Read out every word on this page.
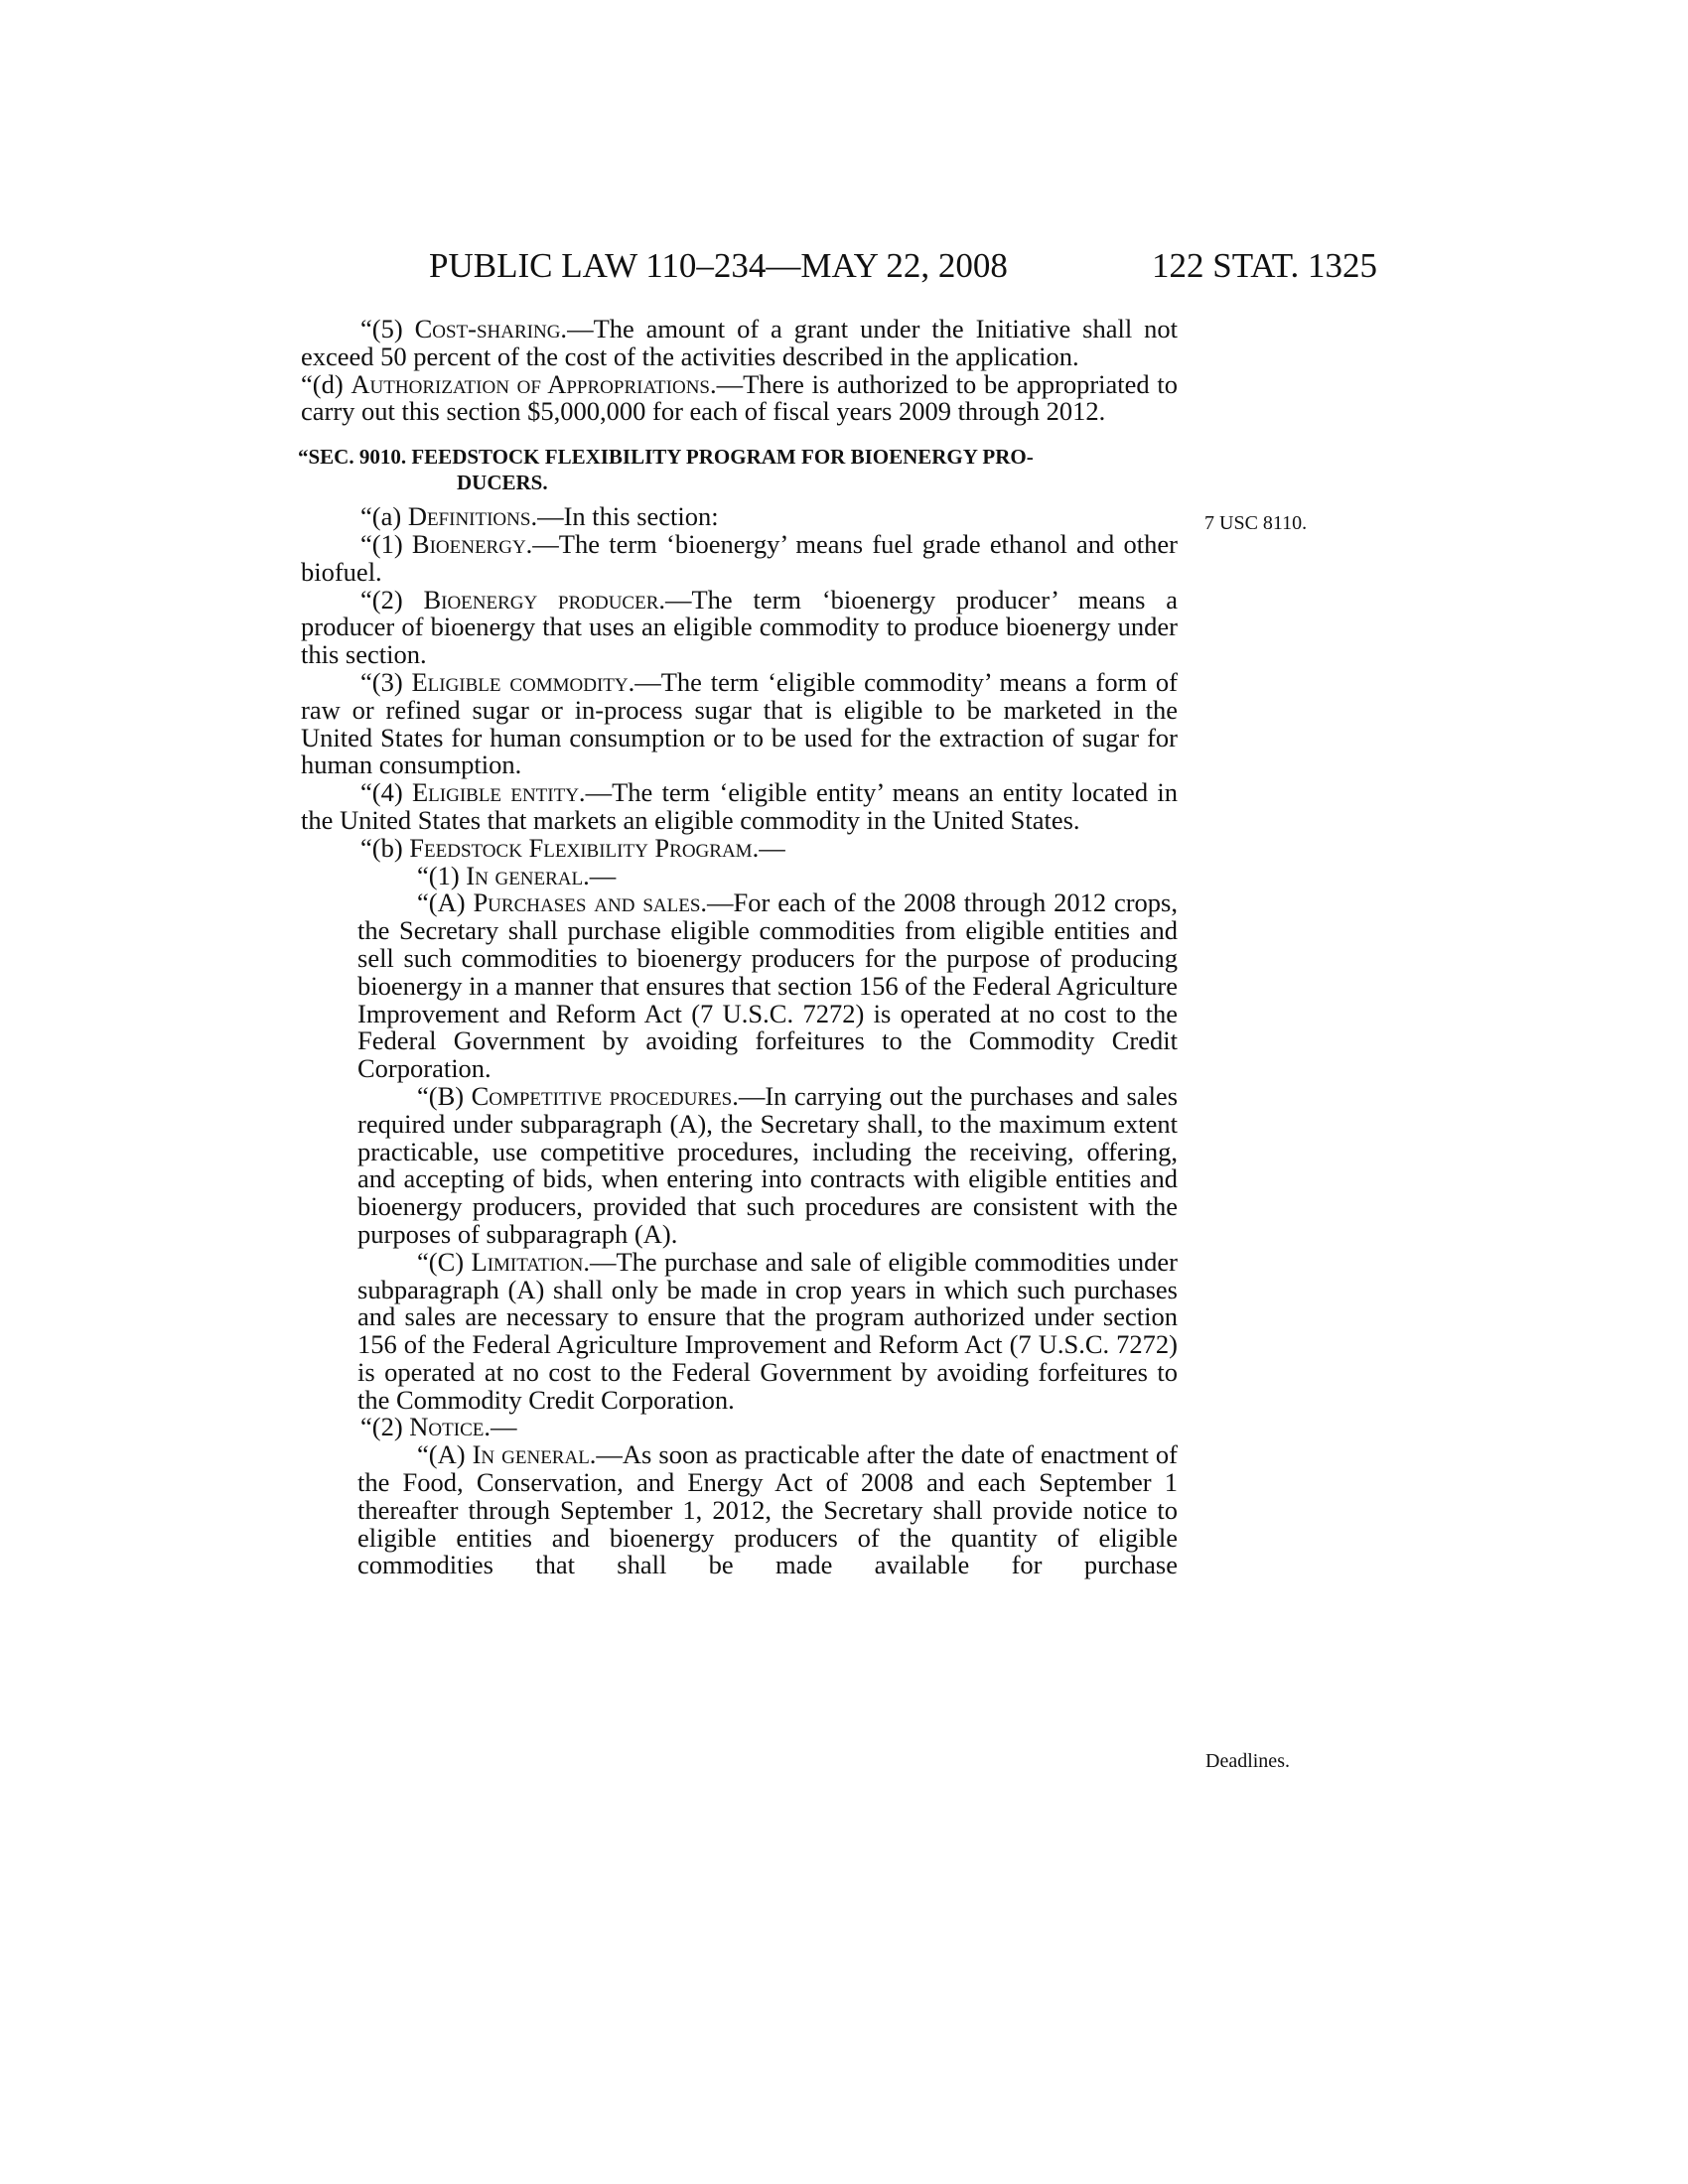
PUBLIC LAW 110–234—MAY 22, 2008	122 STAT. 1325
7 USC 8110.
Deadlines.

“(5) Cost-sharing.—The amount of a grant under the Initiative shall not exceed 50 percent of the cost of the activities described in the application.

“(d) Authorization of Appropriations.—There is authorized to be appropriated to carry out this section $5,000,000 for each of fiscal years 2009 through 2012.

“SEC. 9010. FEEDSTOCK FLEXIBILITY PROGRAM FOR BIOENERGY PRO-
DUCERS.

“(a) Definitions.—In this section:

“(1) Bioenergy.—The term ‘bioenergy’ means fuel grade ethanol and other biofuel.

“(2) Bioenergy producer.—The term ‘bioenergy producer’ means a producer of bioenergy that uses an eligible commodity to produce bioenergy under this section.

“(3) Eligible commodity.—The term ‘eligible commodity’ means a form of raw or refined sugar or in-process sugar that is eligible to be marketed in the United States for human consumption or to be used for the extraction of sugar for human consumption.

“(4) Eligible entity.—The term ‘eligible entity’ means an entity located in the United States that markets an eligible commodity in the United States.

“(b) Feedstock Flexibility Program.—

“(1) In general.—

“(A) Purchases and sales.—For each of the 2008 through 2012 crops, the Secretary shall purchase eligible commodities from eligible entities and sell such commodities to bioenergy producers for the purpose of producing bioenergy in a manner that ensures that section 156 of the Federal Agriculture Improvement and Reform Act (7 U.S.C. 7272) is operated at no cost to the Federal Government by avoiding forfeitures to the Commodity Credit Corporation.

“(B) Competitive procedures.—In carrying out the purchases and sales required under subparagraph (A), the Secretary shall, to the maximum extent practicable, use competitive procedures, including the receiving, offering, and accepting of bids, when entering into contracts with eligible entities and bioenergy producers, provided that such procedures are consistent with the purposes of subparagraph (A).

“(C) Limitation.—The purchase and sale of eligible commodities under subparagraph (A) shall only be made in crop years in which such purchases and sales are necessary to ensure that the program authorized under section 156 of the Federal Agriculture Improvement and Reform Act (7 U.S.C. 7272) is operated at no cost to the Federal Government by avoiding forfeitures to the Commodity Credit Corporation.

“(2) Notice.—

“(A) In general.—As soon as practicable after the date of enactment of the Food, Conservation, and Energy Act of 2008 and each September 1 thereafter through September 1, 2012, the Secretary shall provide notice to eligible entities and bioenergy producers of the quantity of eligible commodities that shall be made available for purchase
